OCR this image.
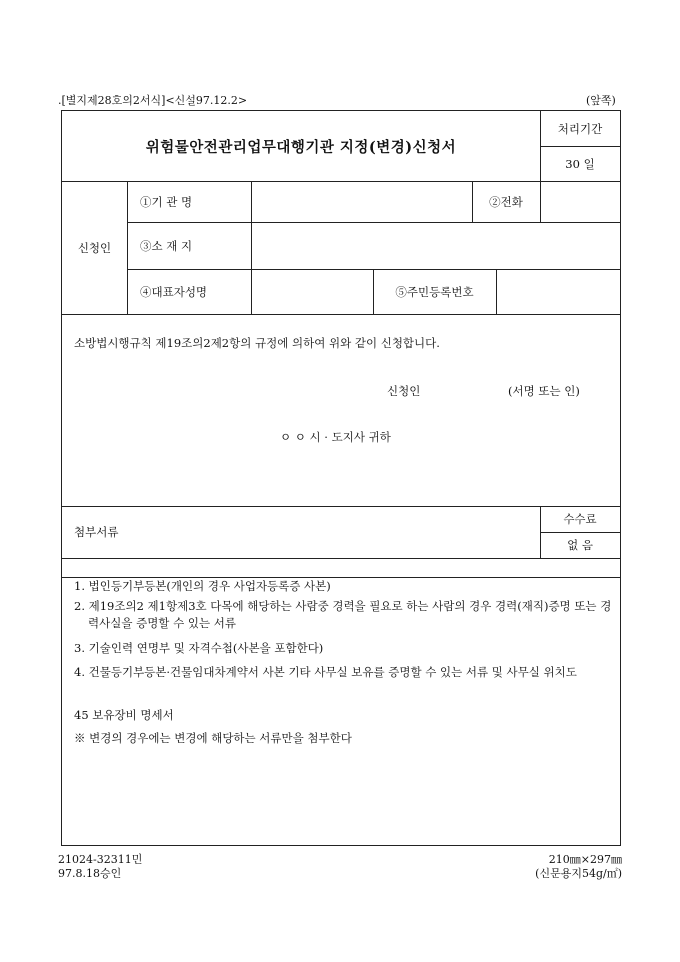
.[별지제28호의2서식]<신설97.12.2>	(앞쪽)
위험물안전관리업무대행기관 지정(변경)신청서
처리기간
30 일
신청인
①기 관 명	②전화
③소 재 지
④대표자성명	⑤주민등록번호
소방법시행규칙 제19조의2제2항의 규정에 의하여 위와 같이 신청합니다.
신청인	(서명 또는 인)
ㅇ ㅇ 시 · 도지사 귀하
첨부서류
수수료
없 음
1. 법인등기부등본(개인의 경우 사업자등록증 사본)
2. 제19조의2 제1항제3호 다목에 해당하는 사람중 경력을 필요로 하는 사람의 경우 경력(재직)증명 또는 경력사실을 증명할 수 있는 서류
3. 기술인력 연명부 및 자격수첩(사본을 포함한다)
4. 건물등기부등본·건물임대차계약서 사본 기타 사무실 보유를 증명할 수 있는 서류 및 사무실 위치도
45 보유장비 명세서
※ 변경의 경우에는 변경에 해당하는 서류만을 첨부한다
21024-32311민
97.8.18승인
210㎜×297㎜
(신문용지54g/㎡)
